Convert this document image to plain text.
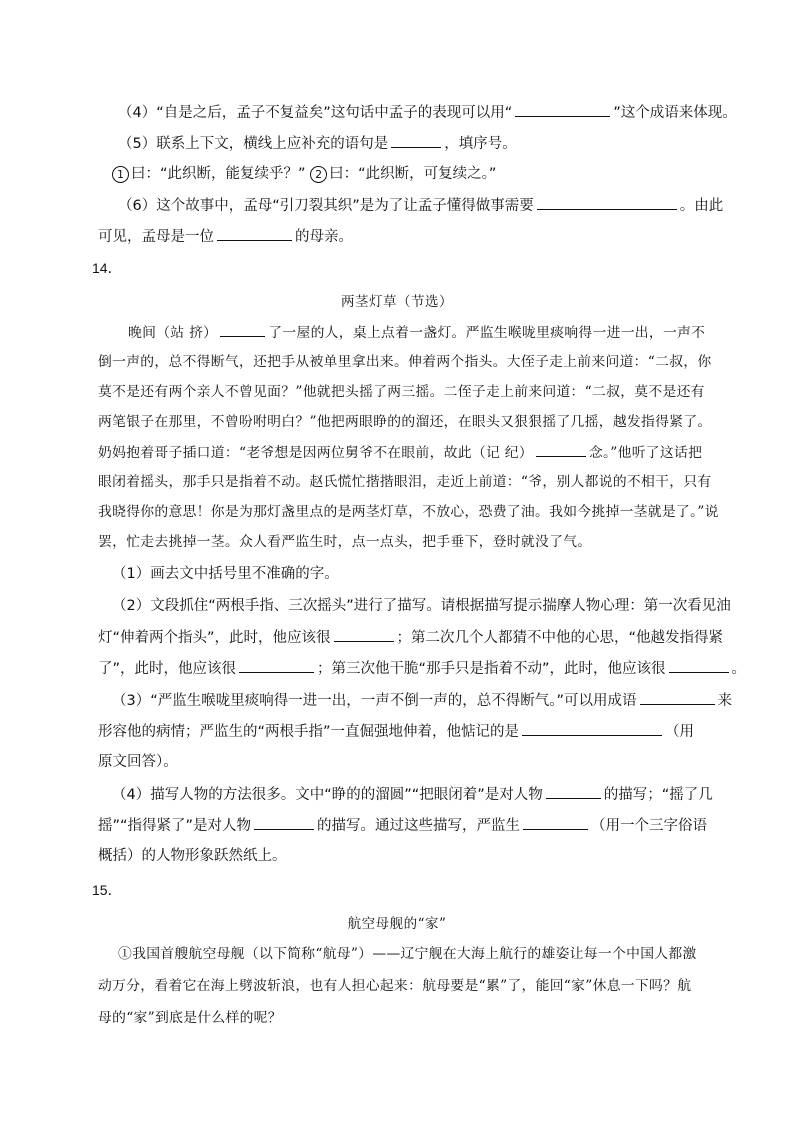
（4）“自是之后，孟子不复益矣”这句话中孟子的表现可以用“	”这个成语来体现。
（5）联系上下文，横线上应补充的语句是	，填序号。
1 曰：“此织断，能复续乎？” 2 曰：“此织断，可复续之。”
（6）这个故事中，孟母“引刀裂其织”是为了让孟子懂得做事需要	。由此
可见，孟母是一位	的母亲。
14．
两茎灯草（节选）
晚间（站 挤）	了一屋的人，桌上点着一盏灯。严监生喉咙里痰响得一进一出，一声不
倒一声的，总不得断气，还把手从被单里拿出来。伸着两个指头。大侄子走上前来问道：“二叔，你
莫不是还有两个亲人不曾见面？”他就把头摇了两三摇。二侄子走上前来问道：“二叔，莫不是还有
两笔银子在那里，不曾吩咐明白？”他把两眼睁的的溜还，在眼头又狠狠摇了几摇，越发指得紧了。
奶妈抱着哥子插口道：“老爷想是因两位舅爷不在眼前，故此（记 纪）	念。”他听了这话把
眼闭着摇头，那手只是指着不动。赵氏慌忙揩揩眼泪，走近上前道：“爷，别人都说的不相干，只有
我晓得你的意思！你是为那灯盏里点的是两茎灯草，不放心，恐费了油。我如今挑掉一茎就是了。”说
罢，忙走去挑掉一茎。众人看严监生时，点一点头，把手垂下，登时就没了气。
（1）画去文中括号里不准确的字。
（2）文段抓住“两根手指、三次摇头”进行了描写。请根据描写提示揣摩人物心理：第一次看见油
灯“伸着两个指头”，此时，他应该很	；第二次几个人都猜不中他的心思，“他越发指得紧
了”，此时，他应该很	；第三次他干脆“那手只是指着不动”，此时，他应该很	。
（3）“严监生喉咙里痰响得一进一出，一声不倒一声的，总不得断气。”可以用成语	来
形容他的病情；严监生的“两根手指”一直倔强地伸着，他惦记的是	（用
原文回答）。
（4）描写人物的方法很多。文中“睁的的溜圆”“把眼闭着”是对人物	的描写；“摇了几
摇”“指得紧了”是对人物	的描写。通过这些描写，严监生	（用一个三字俗语
概括）的人物形象跃然纸上。
15．
航空母舰的“家”
①我国首艘航空母舰（以下简称“航母”）——辽宁舰在大海上航行的雄姿让每一个中国人都激
动万分，看着它在海上劈波斩浪，也有人担心起来：航母要是“累”了，能回“家”休息一下吗？航
母的“家”到底是什么样的呢？
